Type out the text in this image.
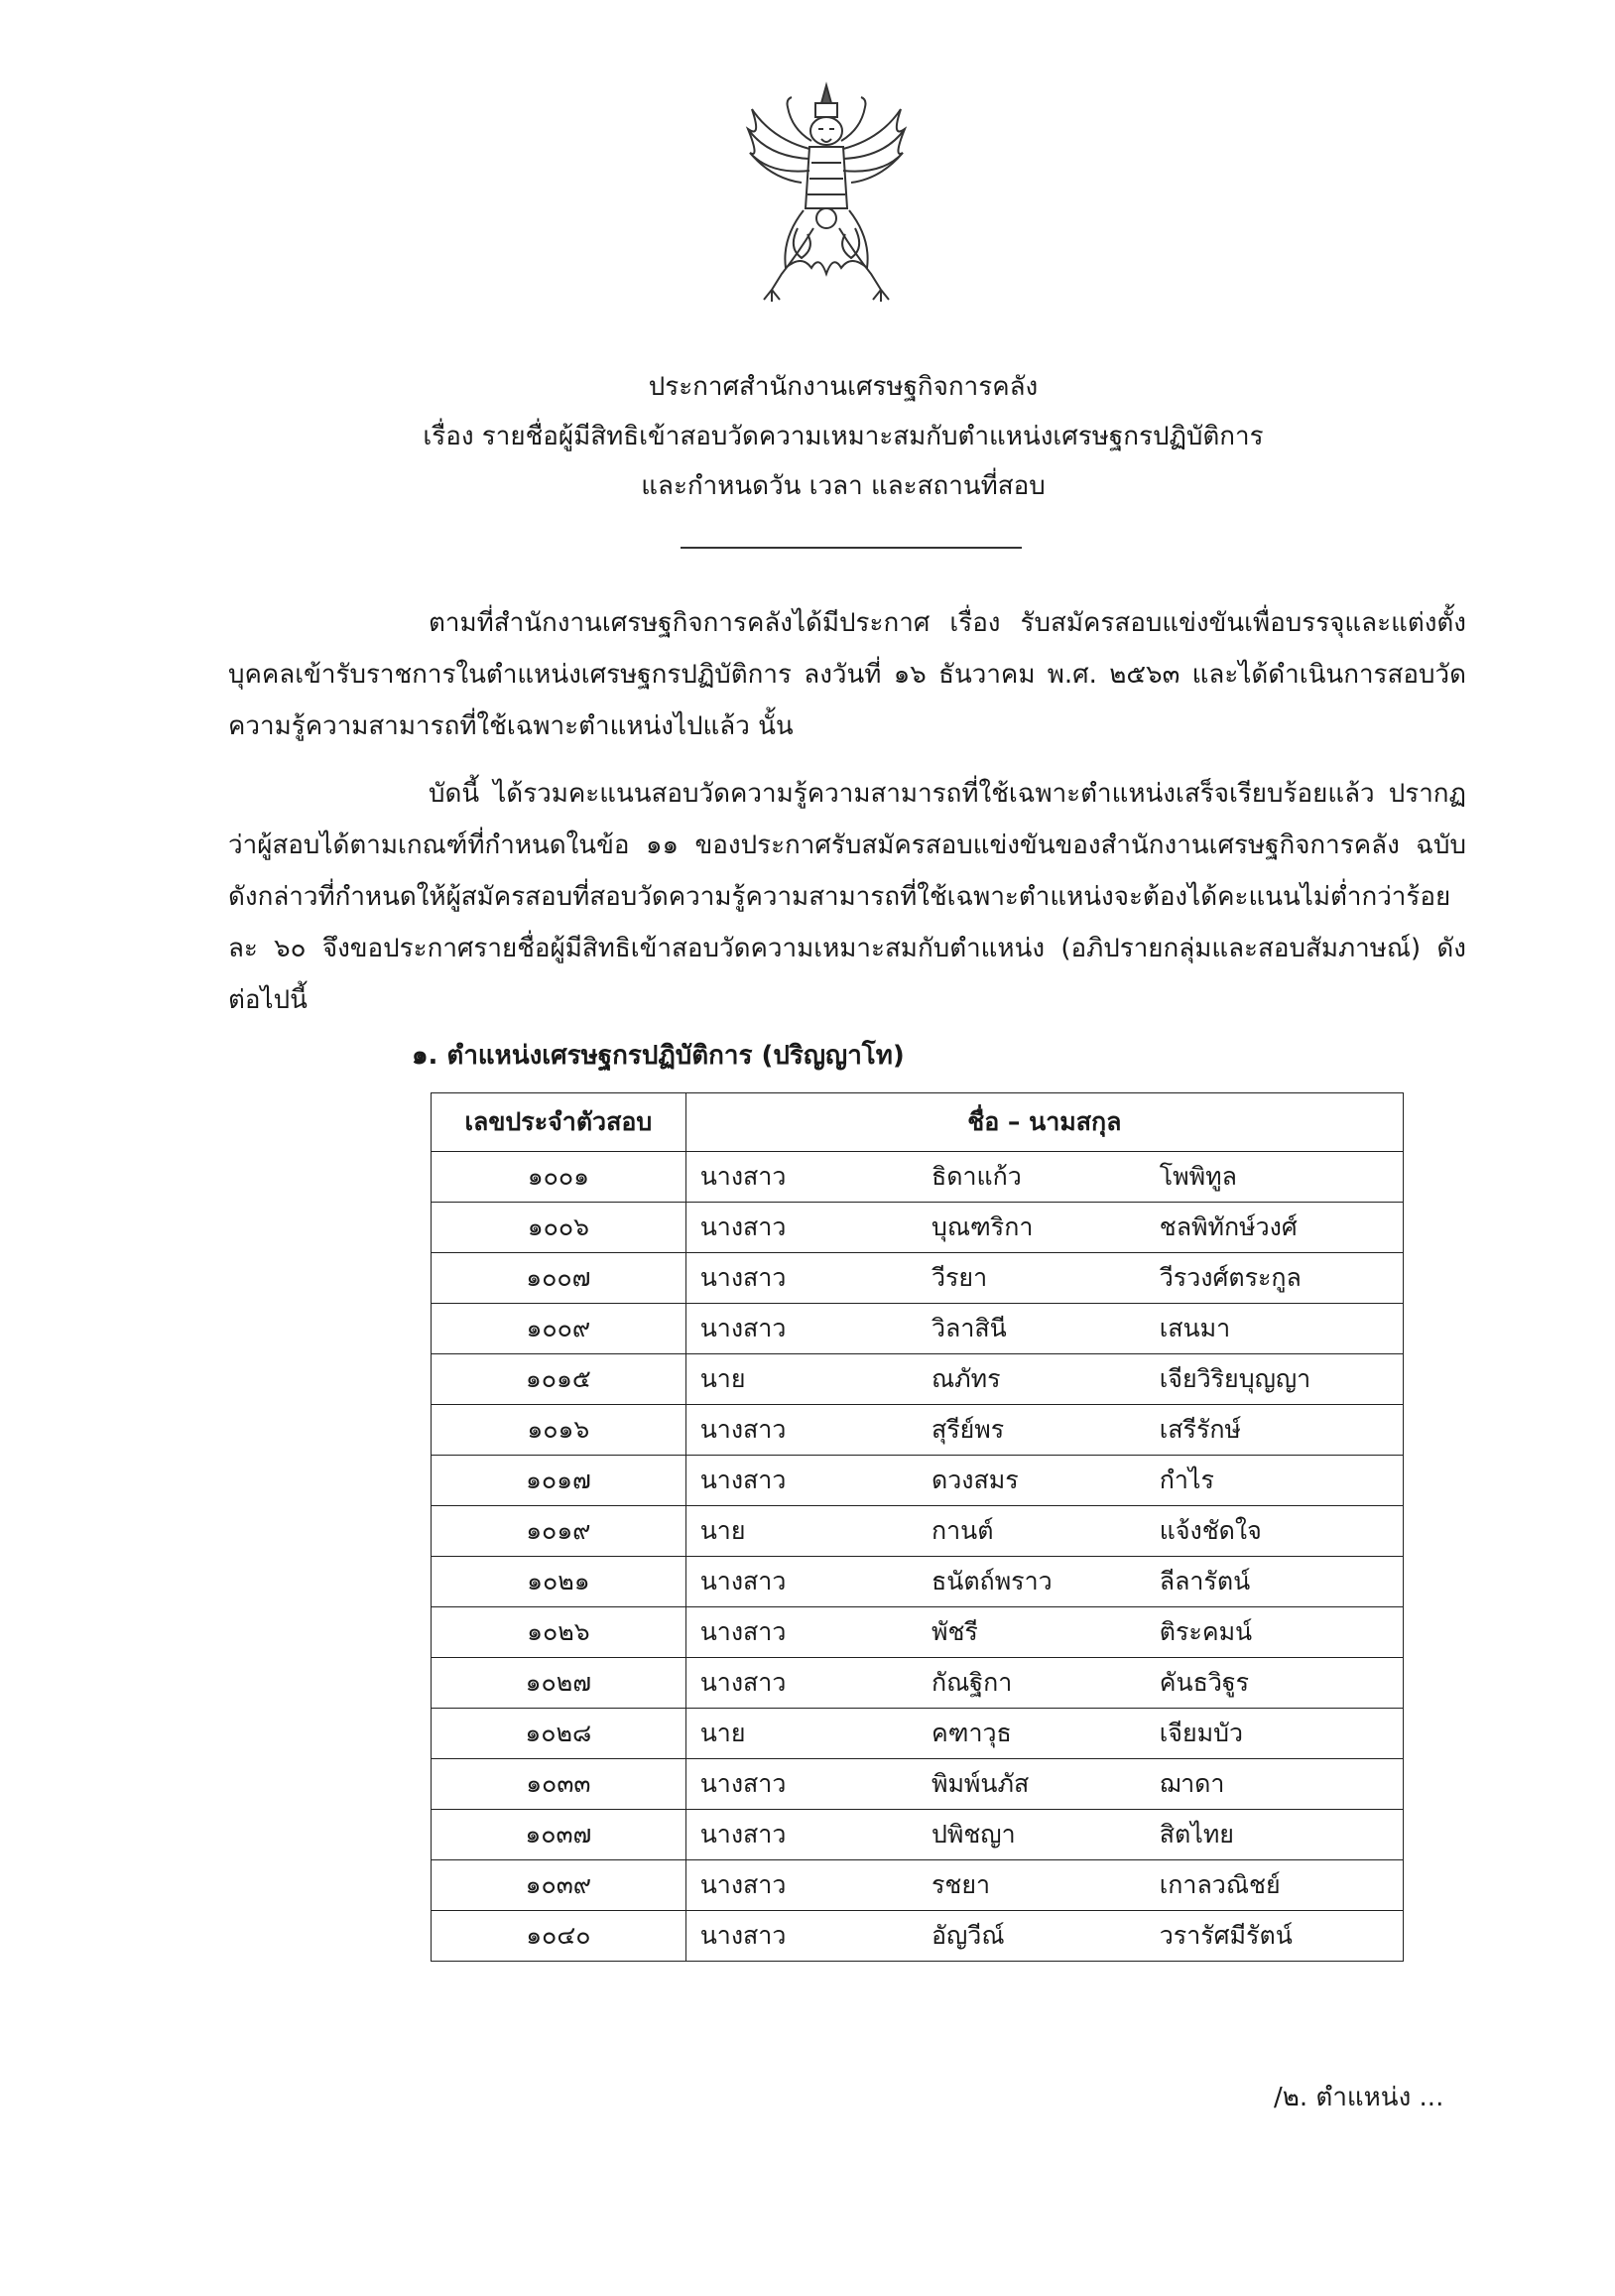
ประกาศสำนักงานเศรษฐกิจการคลัง
เรื่อง รายชื่อผู้มีสิทธิเข้าสอบวัดความเหมาะสมกับตำแหน่งเศรษฐกรปฏิบัติการ
และกำหนดวัน เวลา และสถานที่สอบ

ตามที่สำนักงานเศรษฐกิจการคลังได้มีประกาศ เรื่อง รับสมัครสอบแข่งขันเพื่อบรรจุและแต่งตั้งบุคคลเข้ารับราชการในตำแหน่งเศรษฐกรปฏิบัติการ ลงวันที่ ๑๖ ธันวาคม พ.ศ. ๒๕๖๓ และได้ดำเนินการสอบวัดความรู้ความสามารถที่ใช้เฉพาะตำแหน่งไปแล้ว นั้น

บัดนี้ ได้รวมคะแนนสอบวัดความรู้ความสามารถที่ใช้เฉพาะตำแหน่งเสร็จเรียบร้อยแล้ว ปรากฏว่าผู้สอบได้ตามเกณฑ์ที่กำหนดในข้อ ๑๑ ของประกาศรับสมัครสอบแข่งขันของสำนักงานเศรษฐกิจการคลัง ฉบับดังกล่าวที่กำหนดให้ผู้สมัครสอบที่สอบวัดความรู้ความสามารถที่ใช้เฉพาะตำแหน่งจะต้องได้คะแนนไม่ต่ำกว่าร้อยละ ๖๐ จึงขอประกาศรายชื่อผู้มีสิทธิเข้าสอบวัดความเหมาะสมกับตำแหน่ง (อภิปรายกลุ่มและสอบสัมภาษณ์) ดังต่อไปนี้

๑. ตำแหน่งเศรษฐกรปฏิบัติการ (ปริญญาโท)
เลขประจำตัวสอบ	ชื่อ – นามสกุล		
๑๐๐๑	นางสาว	ธิดาแก้ว	โพพิทูล
๑๐๐๖	นางสาว	บุณฑริกา	ชลพิทักษ์วงศ์
๑๐๐๗	นางสาว	วีรยา	วีรวงศ์ตระกูล
๑๐๐๙	นางสาว	วิลาสินี	เสนมา
๑๐๑๕	นาย	ณภัทร	เจียวิริยบุญญา
๑๐๑๖	นางสาว	สุรีย์พร	เสรีรักษ์
๑๐๑๗	นางสาว	ดวงสมร	กำไร
๑๐๑๙	นาย	กานต์	แจ้งชัดใจ
๑๐๒๑	นางสาว	ธนัตถ์พราว	ลีลารัตน์
๑๐๒๖	นางสาว	พัชรี	ติระคมน์
๑๐๒๗	นางสาว	กัณฐิกา	คันธวิฐูร
๑๐๒๘	นาย	คฑาวุธ	เจียมบัว
๑๐๓๓	นางสาว	พิมพ์นภัส	ฌาดา
๑๐๓๗	นางสาว	ปพิชญา	สิตไทย
๑๐๓๙	นางสาว	รชยา	เกาลวณิชย์
๑๐๔๐	นางสาว	อัญวีณ์	วรารัศมีรัตน์
/๒. ตำแหน่ง ...
